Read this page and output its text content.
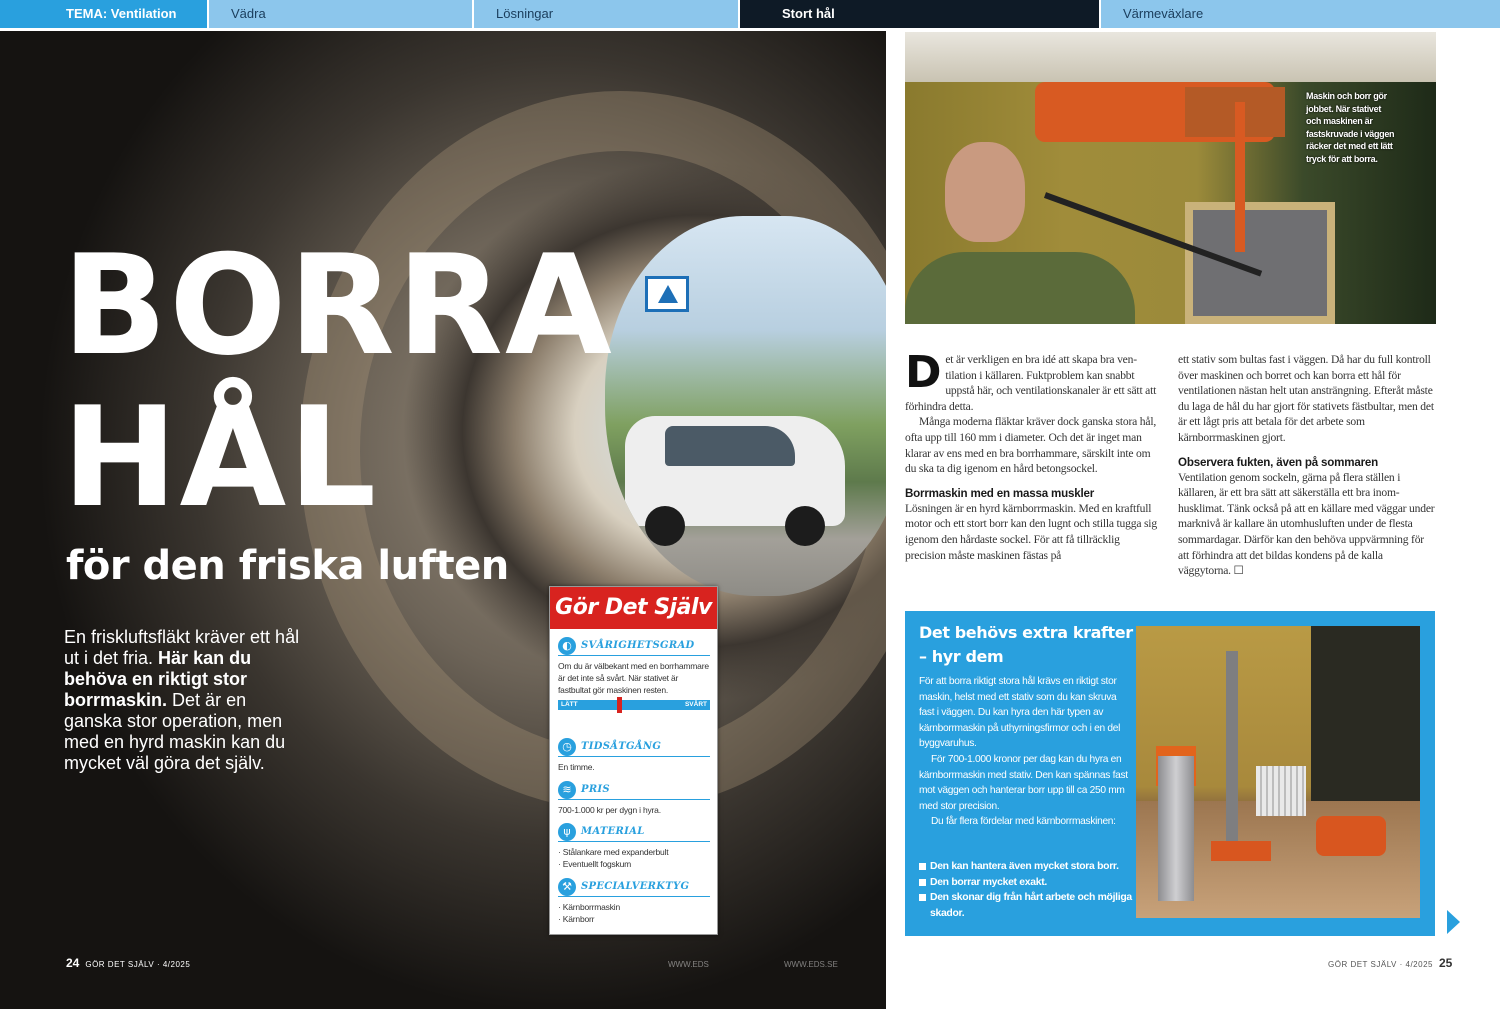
TEMA: Ventilation	Vädra	Lösningar	Stort hål	Värmeväxlare
BORRA
HÅL
för den friska luften
En friskluftsfläkt kräver ett hål ut i det fria. Här kan du behöva en riktigt stor borrmaskin. Det är en ganska stor operation, men med en hyrd maskin kan du mycket väl göra det själv.
24 GÖR DET SJÄLV · 4/2025	WWW.EDS	WWW.EDS.SE
Gör Det Själv
◐ SVÅRIGHETSGRAD
Om du är välbekant med en borrhammare är det inte så svårt. När stativet är fastbultat gör maskinen resten.
LÄTT	SVÅRT
◷ TIDSÅTGÅNG
En timme.
≋ PRIS
700-1.000 kr per dygn i hyra.
ψ	MATERIAL
· Stålankare med expanderbult
· Eventuellt fogskum
⚒ SPECIALVERKTYG
· Kärnborrmaskin
· Kärnborr
Maskin och borr gör jobbet. När stativet och maskinen är fastskruvade i väggen räcker det med ett lätt tryck för att borra.

Det är verkligen en bra idé att skapa bra ventilation i källaren. Fuktproblem kan snabbt uppstå här, och ventilationskanaler är ett sätt att förhindra detta.

Många moderna fläktar kräver dock ganska stora hål, ofta upp till 160 mm i diameter. Och det är inget man klarar av ens med en bra borrhammare, särskilt inte om du ska ta dig igenom en hård betongsockel.

Borrmaskin med en massa muskler

Lösningen är en hyrd kärnborrmaskin. Med en kraftfull motor och ett stort borr kan den lugnt och stilla tugga sig igenom den hårdaste sockel. För att få tillräcklig precision måste maskinen fästas på

ett stativ som bultas fast i väggen. Då har du full kontroll över maskinen och borret och kan borra ett hål för ventilationen nästan helt utan ansträngning. Efteråt måste du laga de hål du har gjort för stativets fästbultar, men det är ett lågt pris att betala för det arbete som kärnborrmaskinen gjort.

Observera fukten, även på sommaren

Ventilation genom sockeln, gärna på flera ställen i källaren, är ett bra sätt att säkerställa ett bra inomhusklimat. Tänk också på att en källare med väggar under marknivå är kallare än utomhusluften under de flesta sommardagar. Därför kan den behöva uppvärmning för att förhindra att det bildas kondens på de kalla väggytorna. ☐

Det behövs extra krafter – hyr dem

För att borra riktigt stora hål krävs en riktigt stor maskin, helst med ett stativ som du kan skruva fast i väggen. Du kan hyra den här typen av kärnborrmaskin på uthyrningsfirmor och i en del byggvaruhus.

För 700-1.000 kronor per dag kan du hyra en kärnborrmaskin med stativ. Den kan spännas fast mot väggen och hanterar borr upp till ca 250 mm med stor precision.

Du får flera fördelar med kärnborrmaskinen:

Den kan hantera även mycket stora borr.
Den borrar mycket exakt.
Den skonar dig från hårt arbete och möjliga skador.
GÖR DET SJÄLV · 4/2025 25
